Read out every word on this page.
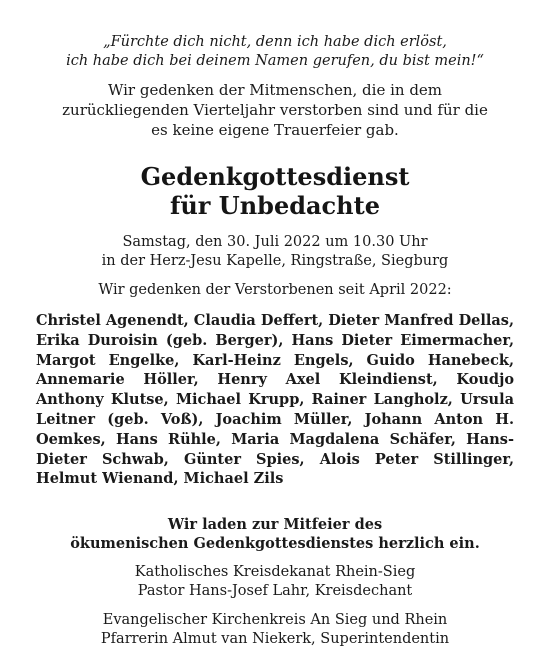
„Fürchte dich nicht, denn ich habe dich erlöst,
ich habe dich bei deinem Namen gerufen, du bist mein!“

Wir gedenken der Mitmenschen, die in dem
zurückliegenden Vierteljahr verstorben sind und für die
es keine eigene Trauerfeier gab.

Gedenkgottesdienst
für Unbedachte

Samstag, den 30. Juli 2022 um 10.30 Uhr
in der Herz-Jesu Kapelle, Ringstraße, Siegburg

Wir gedenken der Verstorbenen seit April 2022:

Christel Agenendt, Claudia Deffert, Dieter Manfred Dellas, Erika Duroisin (geb. Berger), Hans Dieter Eimermacher, Margot Engelke, Karl-Heinz Engels, Guido Hanebeck, Annemarie Höller, Henry Axel Kleindienst, Koudjo Anthony Klutse, Michael Krupp, Rainer Langholz, Ursula Leitner (geb. Voß), Joachim Müller, Johann Anton H. Oemkes, Hans Rühle, Maria Magdalena Schäfer, Hans-Dieter Schwab, Günter Spies, Alois Peter Stillinger, Helmut Wienand, Michael Zils

Wir laden zur Mitfeier des
ökumenischen Gedenkgottesdienstes herzlich ein.

Katholisches Kreisdekanat Rhein-Sieg
Pastor Hans-Josef Lahr, Kreisdechant

Evangelischer Kirchenkreis An Sieg und Rhein
Pfarrerin Almut van Niekerk, Superintendentin
